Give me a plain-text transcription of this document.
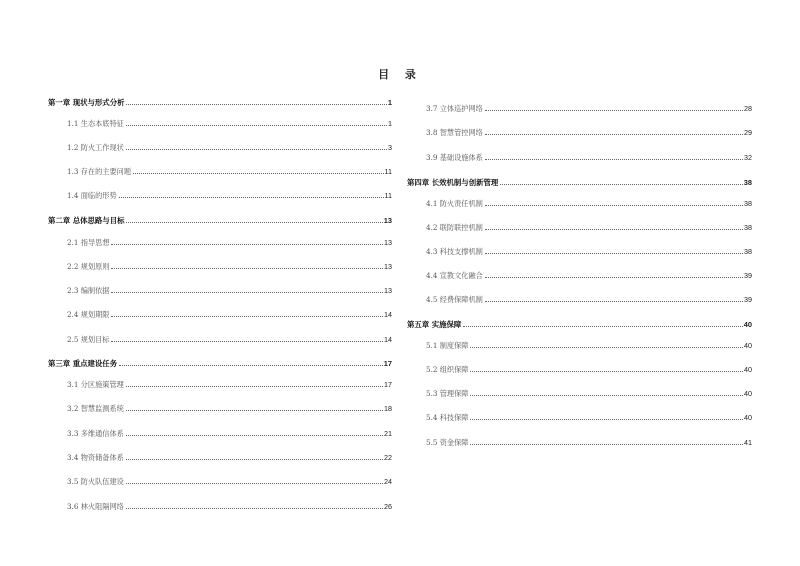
目 录
第一章 现状与形式分析	1
1.1 生态本底特征	1
1.2 防火工作现状	3
1.3 存在的主要问题	11
1.4 面临的形势	11
第二章 总体思路与目标	13
2.1 指导思想	13
2.2 规划原则	13
2.3 编制依据	13
2.4 规划期限	14
2.5 规划目标	14
第三章 重点建设任务	17
3.1 分区施策管理	17
3.2 智慧监测系统	18
3.3 多维通信体系	21
3.4 物资储备体系	22
3.5 防火队伍建设	24
3.6 林火阻隔网络	26
3.7 立体巡护网络	28
3.8 智慧管控网络	29
3.9 基础设施体系	32
第四章 长效机制与创新管理	38
4.1 防火责任机制	38
4.2 联防联控机制	38
4.3 科技支撑机制	38
4.4 宣教文化融合	39
4.5 经费保障机制	39
第五章 实施保障	40
5.1 制度保障	40
5.2 组织保障	40
5.3 管理保障	40
5.4 科技保障	40
5.5 资金保障	41
